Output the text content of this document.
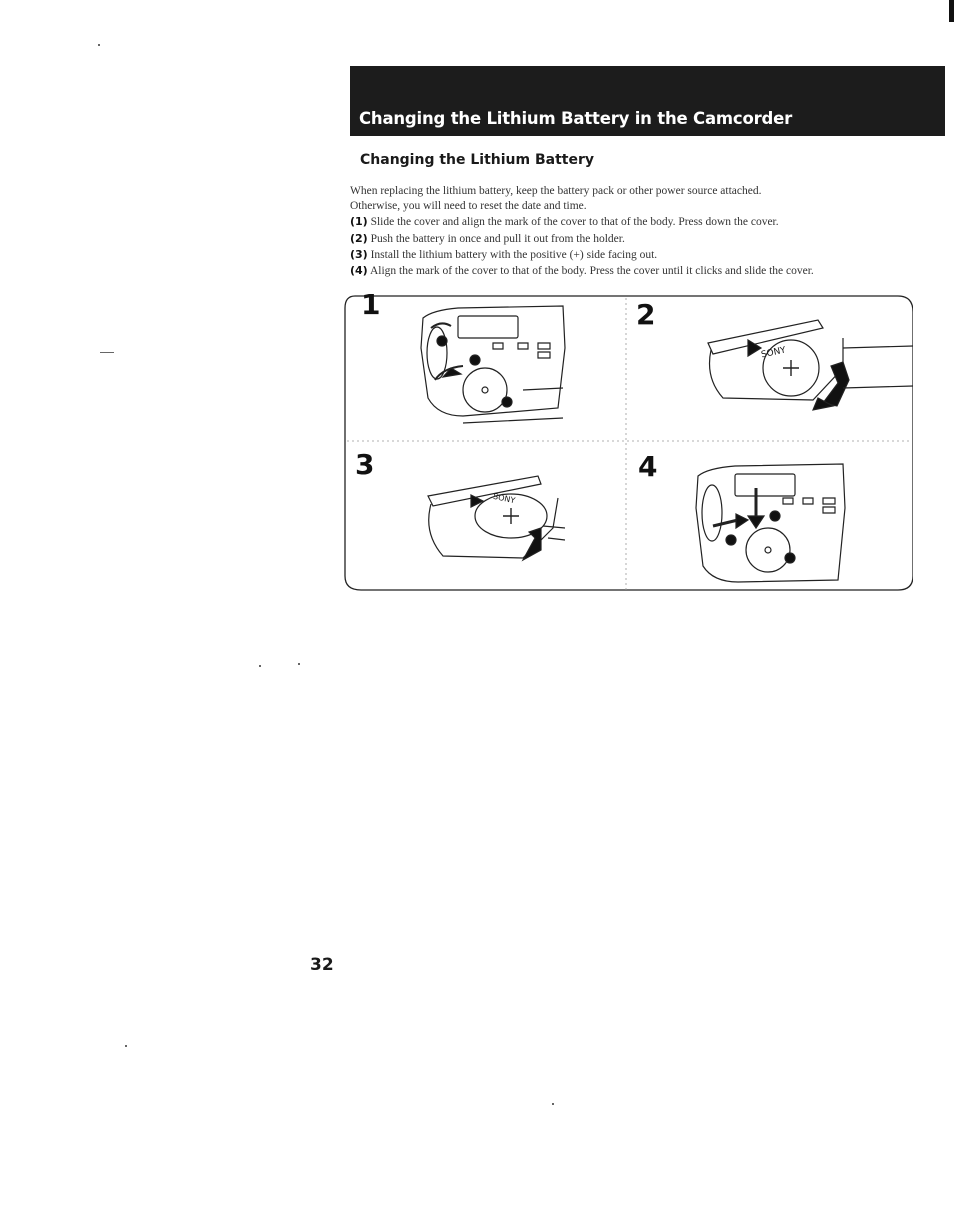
Changing the Lithium Battery in the Camcorder
Changing the Lithium Battery

When replacing the lithium battery, keep the battery pack or other power source attached.

Otherwise, you will need to reset the date and time.

(1) Slide the cover and align the mark of the cover to that of the body. Press down the cover.

(2) Push the battery in once and pull it out from the holder.

(3) Install the lithium battery with the positive (+) side facing out.

(4) Align the mark of the cover to that of the body. Press the cover until it clicks and slide the cover.

1	2
3	4
SONY
SONY
32
